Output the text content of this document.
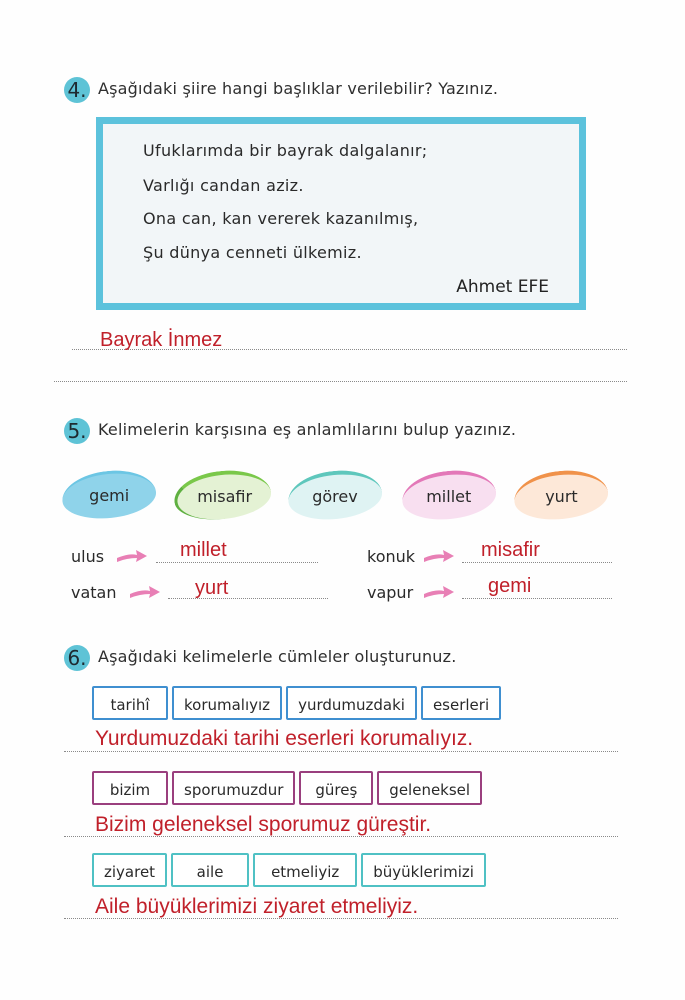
4. Aşağıdaki şiire hangi başlıklar verilebilir? Yazınız.
Ufuklarımda bir bayrak dalgalanır;
Varlığı candan aziz.
Ona can, kan vererek kazanılmış,
Şu dünya cenneti ülkemiz.
Ahmet EFE
Bayrak İnmez
5. Kelimelerin karşısına eş anlamlılarını bulup yazınız.
gemi	misafir	görev	millet	yurt
ulus	millet	konuk	misafir
vatan	yurt	vapur	gemi
6. Aşağıdaki kelimelerle cümleler oluşturunuz.
tarihî	korumalıyız	yurdumuzdaki	eserleri
Yurdumuzdaki tarihi eserleri korumalıyız.
bizim	sporumuzdur	güreş	geleneksel
Bizim geleneksel sporumuz güreştir.
ziyaret	aile	etmeliyiz	büyüklerimizi
Aile büyüklerimizi ziyaret etmeliyiz.
